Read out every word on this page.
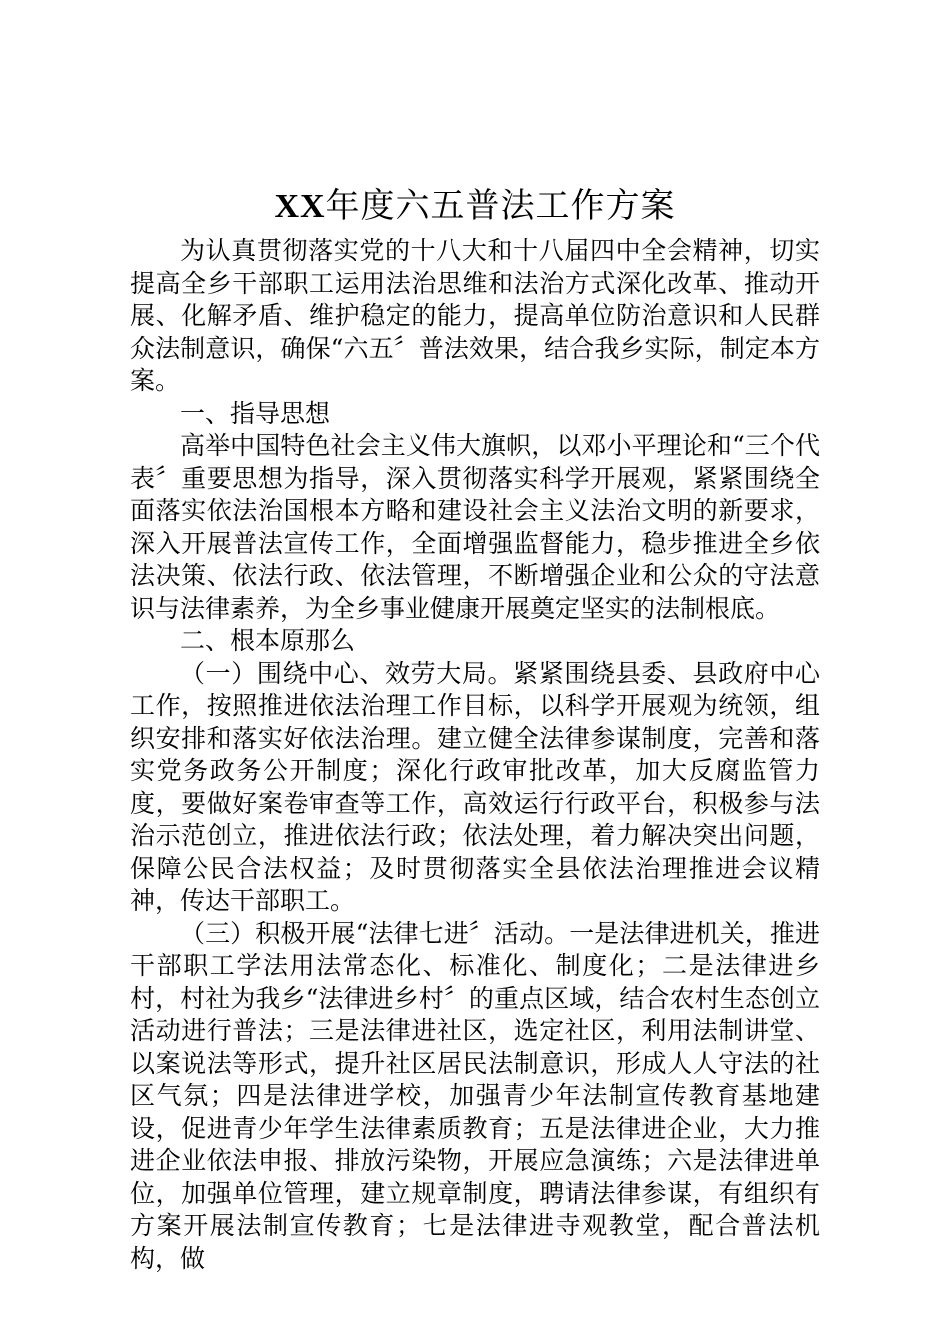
XX年度六五普法工作方案

为认真贯彻落实党的十八大和十八届四中全会精神，切实提高全乡干部职工运用法治思维和法治方式深化改革、推动开展、化解矛盾、维护稳定的能力，提高单位防治意识和人民群众法制意识，确保“六五〞普法效果，结合我乡实际，制定本方案。

一、指导思想

高举中国特色社会主义伟大旗帜，以邓小平理论和“三个代表〞重要思想为指导，深入贯彻落实科学开展观，紧紧围绕全面落实依法治国根本方略和建设社会主义法治文明的新要求，深入开展普法宣传工作，全面增强监督能力，稳步推进全乡依法决策、依法行政、依法管理，不断增强企业和公众的守法意识与法律素养，为全乡事业健康开展奠定坚实的法制根底。

二、根本原那么

（一）围绕中心、效劳大局。紧紧围绕县委、县政府中心工作，按照推进依法治理工作目标，以科学开展观为统领，组织安排和落实好依法治理。建立健全法律参谋制度，完善和落实党务政务公开制度；深化行政审批改革，加大反腐监管力度，要做好案卷审查等工作，高效运行行政平台，积极参与法治示范创立，推进依法行政；依法处理，着力解决突出问题，保障公民合法权益；及时贯彻落实全县依法治理推进会议精神，传达干部职工。

（三）积极开展“法律七进〞活动。一是法律进机关，推进干部职工学法用法常态化、标准化、制度化；二是法律进乡村，村社为我乡“法律进乡村〞的重点区域，结合农村生态创立活动进行普法；三是法律进社区，选定社区，利用法制讲堂、以案说法等形式，提升社区居民法制意识，形成人人守法的社区气氛；四是法律进学校，加强青少年法制宣传教育基地建设，促进青少年学生法律素质教育；五是法律进企业，大力推进企业依法申报、排放污染物，开展应急演练；六是法律进单位，加强单位管理，建立规章制度，聘请法律参谋，有组织有方案开展法制宣传教育；七是法律进寺观教堂，配合普法机构，做
